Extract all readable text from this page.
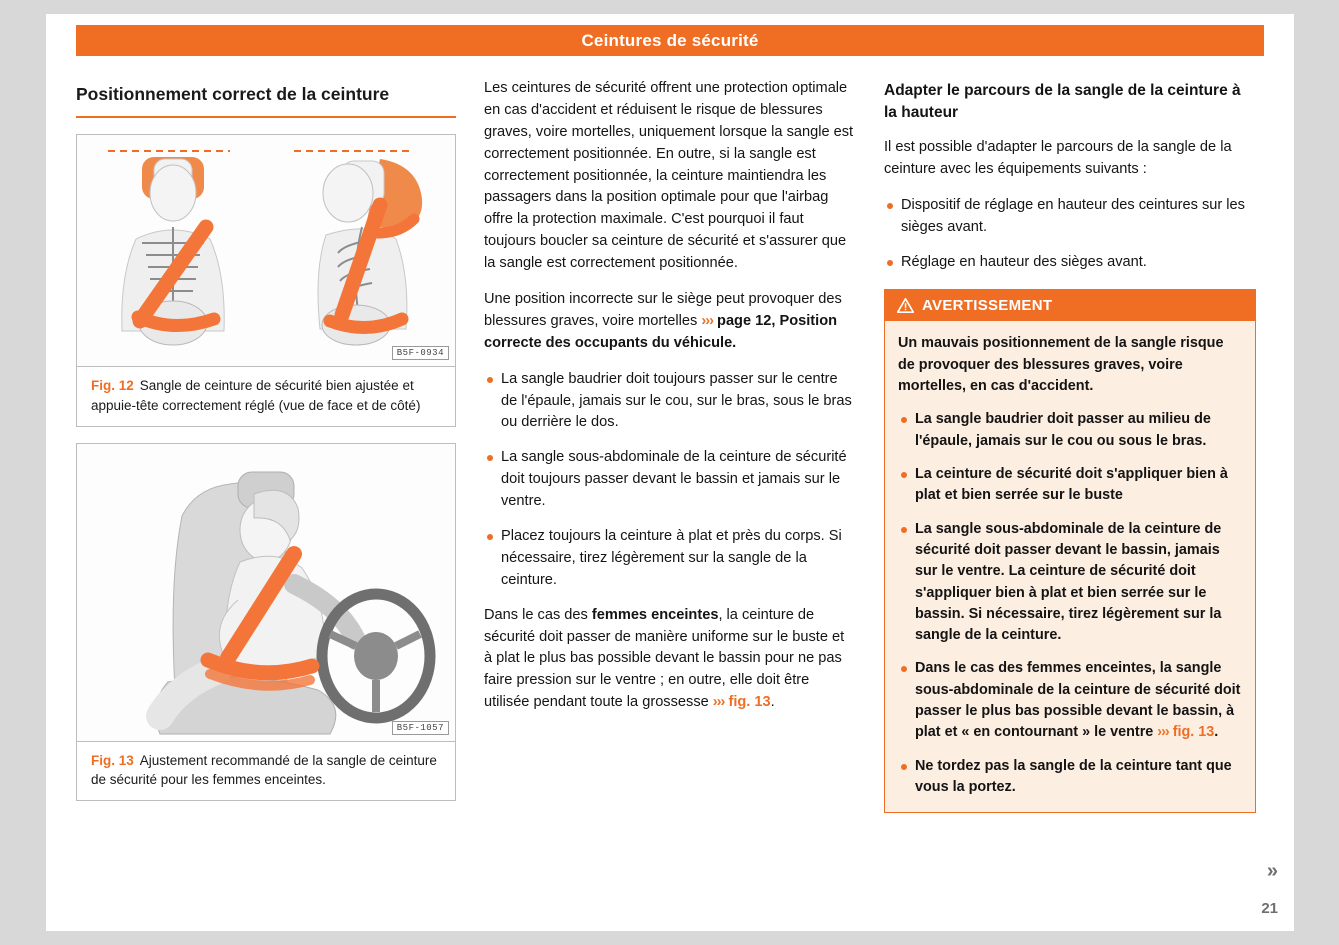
Ceintures de sécurité
Positionnement correct de la ceinture
B5F-0934
Fig. 12 Sangle de ceinture de sécurité bien ajustée et appuie-tête correctement réglé (vue de face et de côté)
B5F-1057
Fig. 13 Ajustement recommandé de la sangle de ceinture de sécurité pour les femmes enceintes.

Les ceintures de sécurité offrent une protection optimale en cas d'accident et réduisent le risque de blessures graves, voire mortelles, uniquement lorsque la sangle est correctement positionnée. En outre, si la sangle est correctement positionnée, la ceinture maintiendra les passagers dans la position optimale pour que l'airbag offre la protection maximale. C'est pourquoi il faut toujours boucler sa ceinture de sécurité et s'assurer que la sangle est correctement positionnée.

Une position incorrecte sur le siège peut provoquer des blessures graves, voire mortelles ››› page 12, Position correcte des occupants du véhicule.

La sangle baudrier doit toujours passer sur le centre de l'épaule, jamais sur le cou, sur le bras, sous le bras ou derrière le dos.
La sangle sous-abdominale de la ceinture de sécurité doit toujours passer devant le bassin et jamais sur le ventre.
Placez toujours la ceinture à plat et près du corps. Si nécessaire, tirez légèrement sur la sangle de la ceinture.

Dans le cas des femmes enceintes, la ceinture de sécurité doit passer de manière uniforme sur le buste et à plat le plus bas possible devant le bassin pour ne pas faire pression sur le ventre ; en outre, elle doit être utilisée pendant toute la grossesse ››› fig. 13.

Adapter le parcours de la sangle de la ceinture à la hauteur

Il est possible d'adapter le parcours de la sangle de la ceinture avec les équipements suivants :

Dispositif de réglage en hauteur des ceintures sur les sièges avant.
Réglage en hauteur des sièges avant.
AVERTISSEMENT

Un mauvais positionnement de la sangle risque de provoquer des blessures graves, voire mortelles, en cas d'accident.

La sangle baudrier doit passer au milieu de l'épaule, jamais sur le cou ou sous le bras.
La ceinture de sécurité doit s'appliquer bien à plat et bien serrée sur le buste
La sangle sous-abdominale de la ceinture de sécurité doit passer devant le bassin, jamais sur le ventre. La ceinture de sécurité doit s'appliquer bien à plat et bien serrée sur le bassin. Si nécessaire, tirez légèrement sur la sangle de la ceinture.
Dans le cas des femmes enceintes, la sangle sous-abdominale de la ceinture de sécurité doit passer le plus bas possible devant le bassin, à plat et « en contournant » le ventre ››› fig. 13.
Ne tordez pas la sangle de la ceinture tant que vous la portez.
»
21
